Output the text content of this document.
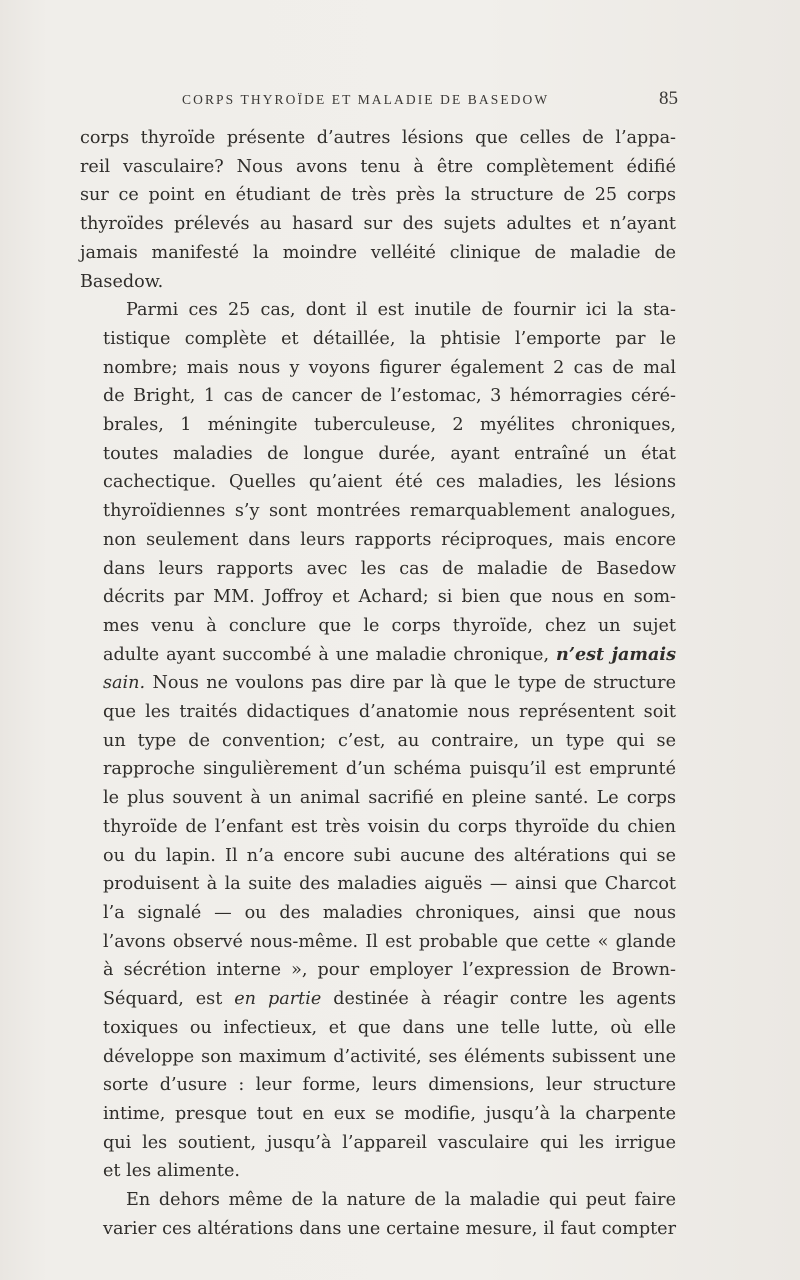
CORPS THYROÏDE ET MALADIE DE BASEDOW	85

corps thyroïde présente d’autres lésions que celles de l’appa-
reil vasculaire? Nous avons tenu à être complètement édifié
sur ce point en étudiant de très près la structure de 25 corps
thyroïdes prélevés au hasard sur des sujets adultes et n’ayant
jamais manifesté la moindre velléité clinique de maladie de
Basedow.

Parmi ces 25 cas, dont il est inutile de fournir ici la sta-
tistique complète et détaillée, la phtisie l’emporte par le
nombre; mais nous y voyons figurer également 2 cas de mal
de Bright, 1 cas de cancer de l’estomac, 3 hémorragies céré-
brales, 1 méningite tuberculeuse, 2 myélites chroniques,
toutes maladies de longue durée, ayant entraîné un état
cachectique. Quelles qu’aient été ces maladies, les lésions
thyroïdiennes s’y sont montrées remarquablement analogues,
non seulement dans leurs rapports réciproques, mais encore
dans leurs rapports avec les cas de maladie de Basedow
décrits par MM. Joffroy et Achard; si bien que nous en som-
mes venu à conclure que le corps thyroïde, chez un sujet
adulte ayant succombé à une maladie chronique, n’est jamais
sain. Nous ne voulons pas dire par là que le type de structure
que les traités didactiques d’anatomie nous représentent soit
un type de convention; c’est, au contraire, un type qui se
rapproche singulièrement d’un schéma puisqu’il est emprunté
le plus souvent à un animal sacrifié en pleine santé. Le corps
thyroïde de l’enfant est très voisin du corps thyroïde du chien
ou du lapin. Il n’a encore subi aucune des altérations qui se
produisent à la suite des maladies aiguës — ainsi que Charcot
l’a signalé — ou des maladies chroniques, ainsi que nous
l’avons observé nous-même. Il est probable que cette « glande
à sécrétion interne », pour employer l’expression de Brown-
Séquard, est en partie destinée à réagir contre les agents
toxiques ou infectieux, et que dans une telle lutte, où elle
développe son maximum d’activité, ses éléments subissent une
sorte d’usure : leur forme, leurs dimensions, leur structure
intime, presque tout en eux se modifie, jusqu’à la charpente
qui les soutient, jusqu’à l’appareil vasculaire qui les irrigue
et les alimente.

En dehors même de la nature de la maladie qui peut faire
varier ces altérations dans une certaine mesure, il faut compter
